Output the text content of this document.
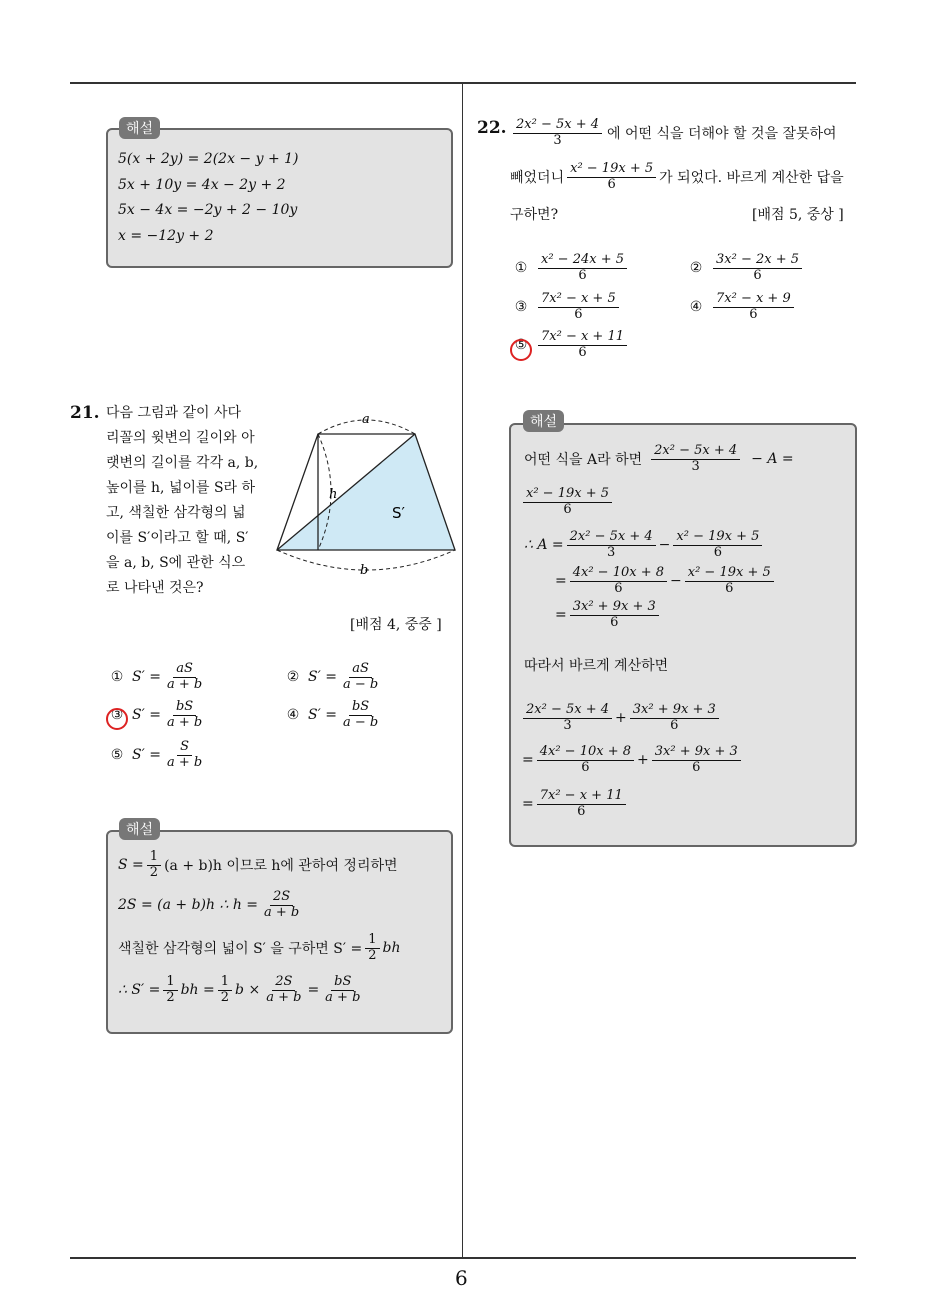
6
해설
5(x + 2y) = 2(2x − y + 1)
5x + 10y = 4x − 2y + 2
5x − 4x = −2y + 2 − 10y
x = −12y + 2
21. 다음 그림과 같이 사다
리꼴의 윗변의 길이와 아
랫변의 길이를 각각 a, b,
높이를 h, 넓이를 S라 하
고, 색칠한 삼각형의 넓
이를 S′이라고 할 때, S′
을 a, b, S에 관한 식으
로 나타낸 것은?
a
b
h
S′
[배점 4, 중중 ]
① $S' = \frac{aS}{a + b}$	② $S' = \frac{aS}{a - b}$
③ $S' = \frac{bS}{a + b}$	④ $S' = \frac{bS}{a - b}$
⑤ $S' = \frac{S}{a + b}$
해설
$S = \frac{1}{2} (a + b)h$ 이므로 h에 관하여 정리하면
2S = (a + b)h ∴ $h = \frac{2S}{a + b}$
색칠한 삼각형의 넓이 S′ 을 구하면 $S' = \frac{1}{2}$ bh
∴ $S' = \frac{1}{2}$ bh = $\frac{1}{2}$ $b \times \frac{2S}{a + b} = \frac{bS}{a + b}$
22. $\frac{\text{2x² − 5x + 4}}{3}$ 에 어떤 식을 더해야 할 것을 잘못하여
빼었더니 $\frac{\text{x² − 19x + 5}}{6}$ 가 되었다. 바르게 계산한 답을
구하면?	[배점 5, 중상 ]
① $\frac{\text{x² − 24x + 5}}{6}$	② $\frac{\text{3x² − 2x + 5}}{6}$
③ $\frac{\text{7x² − x + 5}}{6}$	④ $\frac{\text{7x² − x + 9}}{6}$
⑤ $\frac{\text{7x² − x + 11}}{6}$
해설
어떤 식을 A라 하면 $\frac{\text{2x² − 5x + 4}}{3} - A$ =
$\frac{\text{x² − 19x + 5}}{6}$
∴ $A = \frac{\text{2x² − 5x + 4}}{3} - \frac{\text{x² − 19x + 5}}{6}$
= $\frac{\text{4x² − 10x + 8}}{6} - \frac{\text{x² − 19x + 5}}{6}$
= $\frac{\text{3x² + 9x + 3}}{6}$
따라서 바르게 계산하면
$\frac{\text{2x² − 5x + 4}}{3} + \frac{\text{3x² + 9x + 3}}{6}$
= $\frac{\text{4x² − 10x + 8}}{6} + \frac{\text{3x² + 9x + 3}}{6}$
= $\frac{\text{7x² − x + 11}}{6}$
